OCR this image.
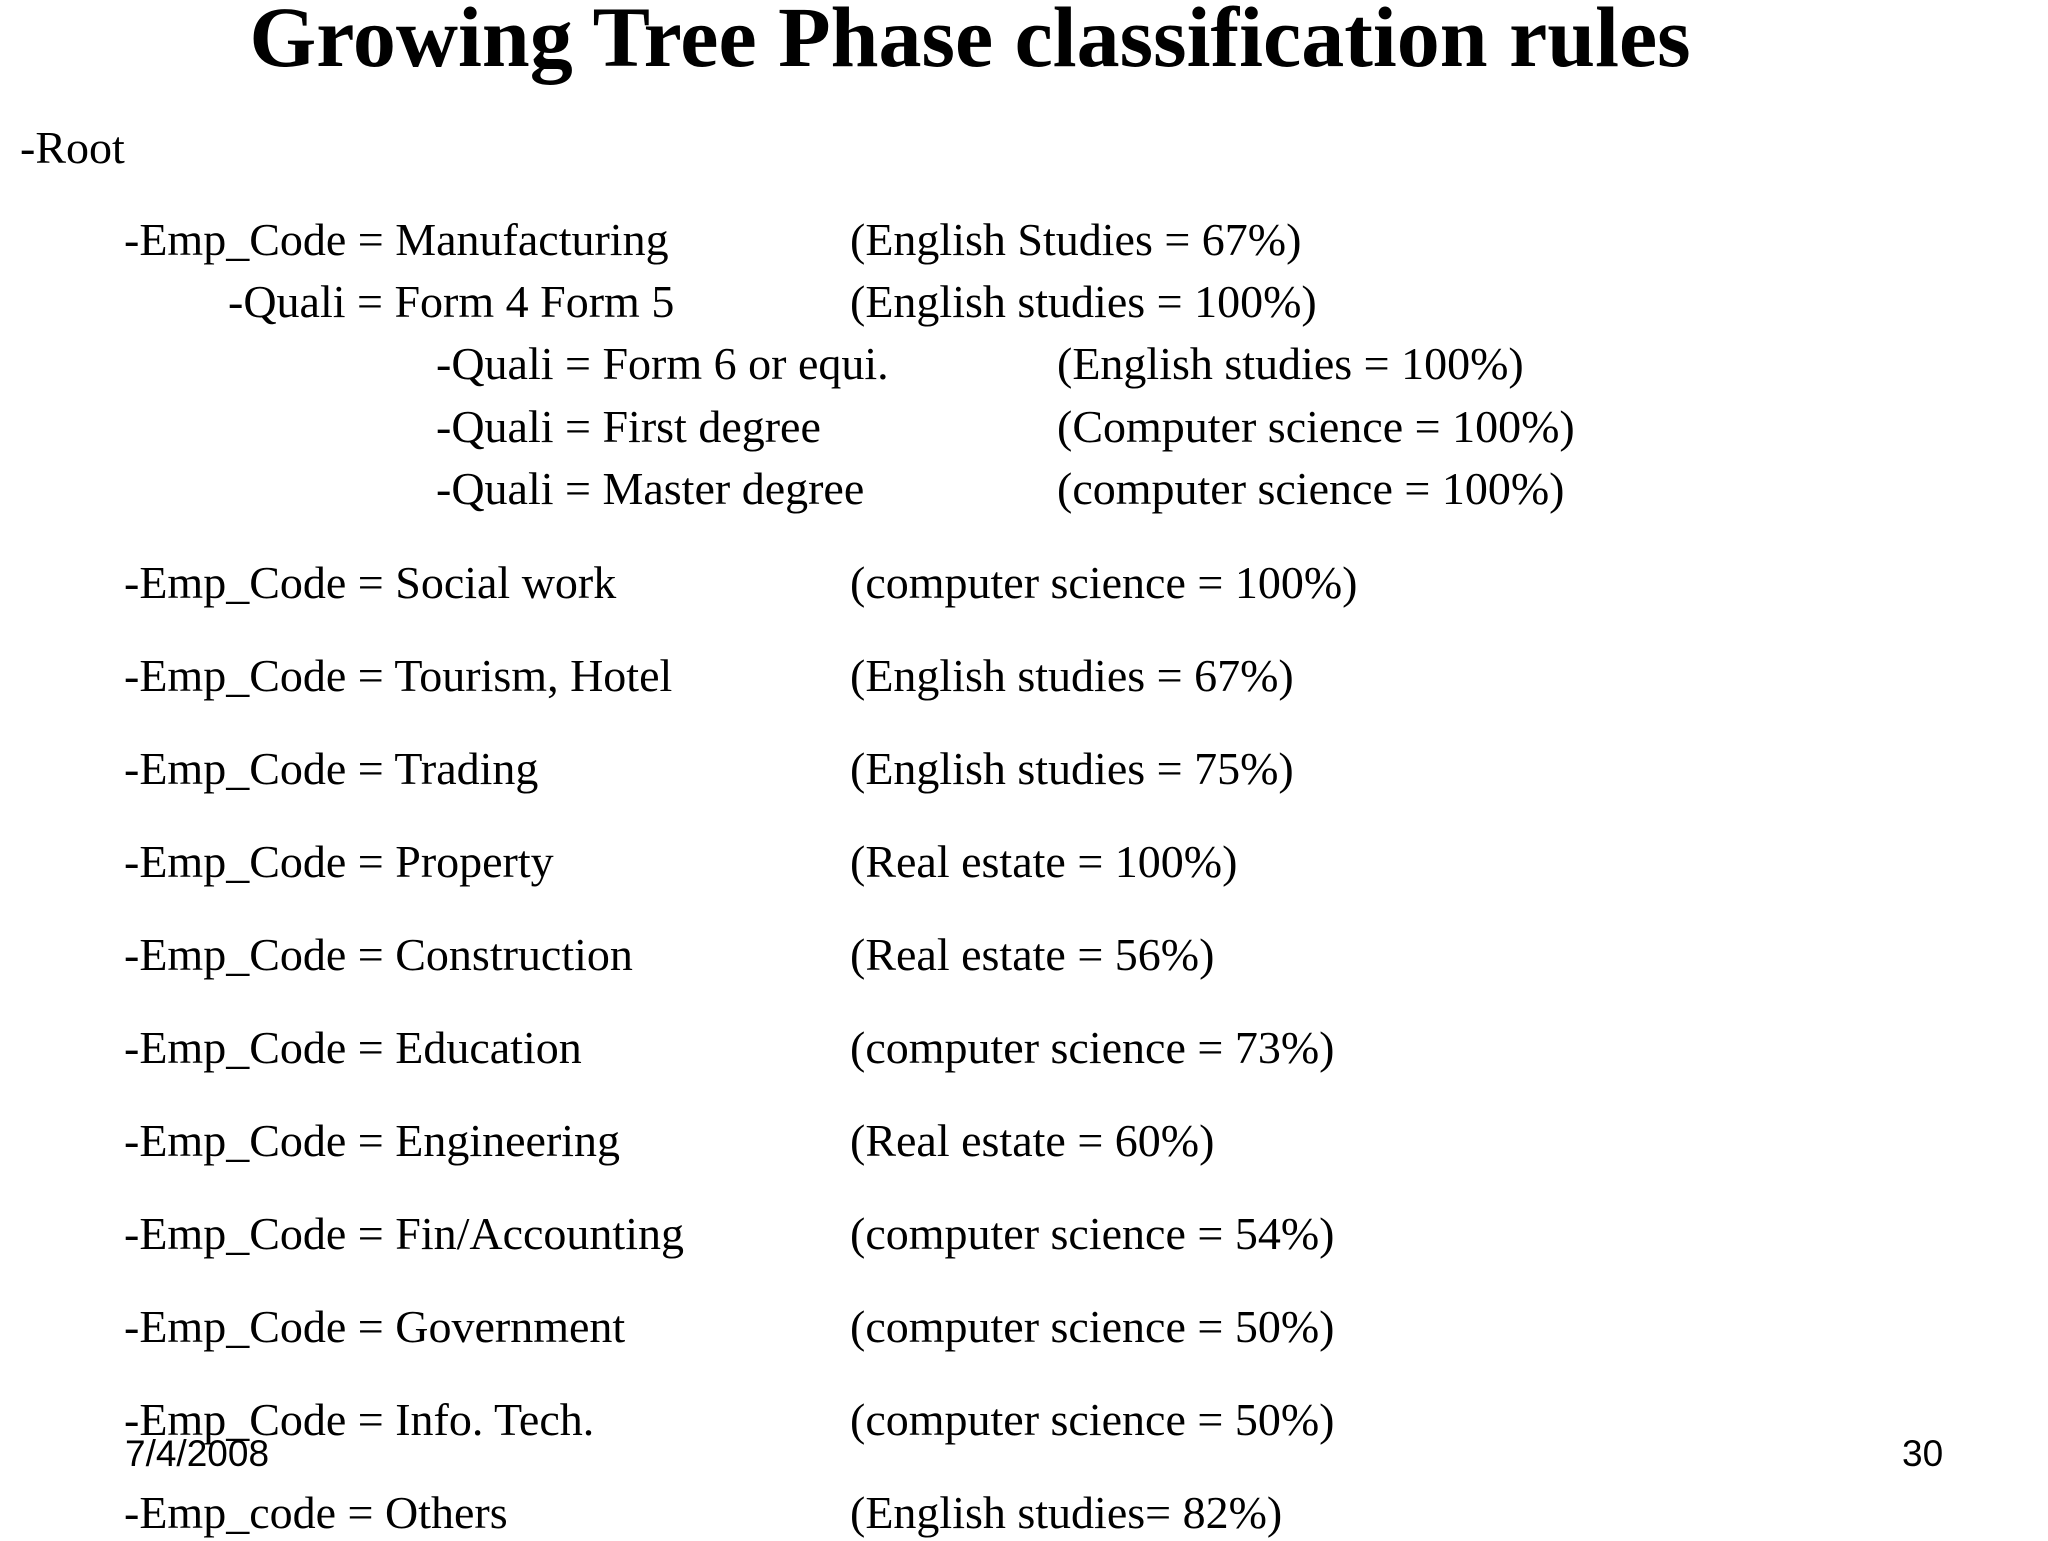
Growing Tree Phase classification rules
-Root
-Emp_Code = Manufacturing	(English Studies = 67%)
-Quali = Form 4 Form 5	(English studies = 100%)
-Quali = Form 6 or equi.	(English studies = 100%)
-Quali = First degree	(Computer science = 100%)
-Quali = Master degree	(computer science = 100%)
-Emp_Code = Social work	(computer science = 100%)
-Emp_Code = Tourism, Hotel	(English studies = 67%)
-Emp_Code = Trading	(English studies = 75%)
-Emp_Code = Property	(Real estate = 100%)
-Emp_Code = Construction	(Real estate = 56%)
-Emp_Code = Education	(computer science = 73%)
-Emp_Code = Engineering	(Real estate = 60%)
-Emp_Code = Fin/Accounting	(computer science = 54%)
-Emp_Code = Government	(computer science = 50%)
-Emp_Code = Info. Tech.	(computer science = 50%)
-Emp_code = Others	(English studies= 82%)
7/4/2008	30
